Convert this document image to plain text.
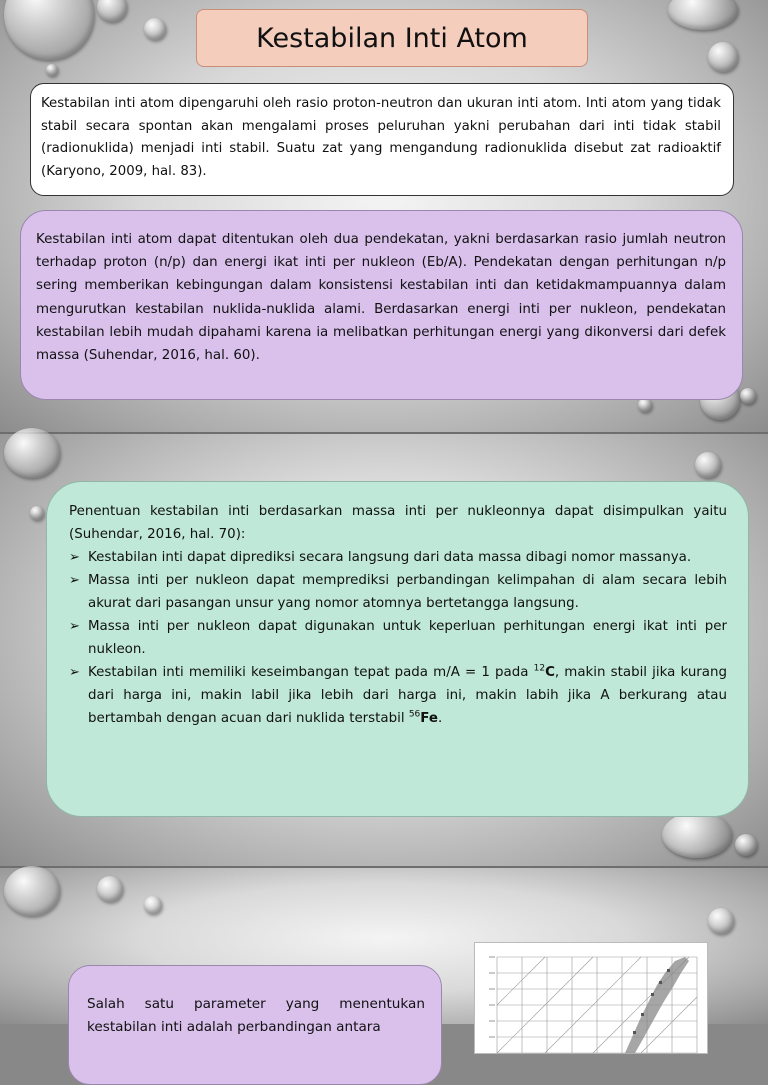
Kestabilan Inti Atom

Kestabilan inti atom dipengaruhi oleh rasio proton-neutron dan ukuran inti atom. Inti atom yang tidak stabil secara spontan akan mengalami proses peluruhan yakni perubahan dari inti tidak stabil (radionuklida) menjadi inti stabil. Suatu zat yang mengandung radionuklida disebut zat radioaktif (Karyono, 2009, hal. 83).

Kestabilan inti atom dapat ditentukan oleh dua pendekatan, yakni berdasarkan rasio jumlah neutron terhadap proton (n/p) dan energi ikat inti per nukleon (Eb/A). Pendekatan dengan perhitungan n/p sering memberikan kebingungan dalam konsistensi kestabilan inti dan ketidakmampuannya dalam mengurutkan kestabilan nuklida-nuklida alami. Berdasarkan energi inti per nukleon, pendekatan kestabilan lebih mudah dipahami karena ia melibatkan perhitungan energi yang dikonversi dari defek massa (Suhendar, 2016, hal. 60).

Penentuan kestabilan inti berdasarkan massa inti per nukleonnya dapat disimpulkan yaitu (Suhendar, 2016, hal. 70):

➢ Kestabilan inti dapat diprediksi secara langsung dari data massa dibagi nomor massanya.
➢ Massa inti per nukleon dapat memprediksi perbandingan kelimpahan di alam secara lebih akurat dari pasangan unsur yang nomor atomnya bertetangga langsung.
➢ Massa inti per nukleon dapat digunakan untuk keperluan perhitungan energi ikat inti per nukleon.
➢ Kestabilan inti memiliki keseimbangan tepat pada m/A = 1 pada $^{12}$C, makin stabil jika kurang dari harga ini, makin labil jika lebih dari harga ini, makin labih jika A berkurang atau bertambah dengan acuan dari nuklida terstabil $^{56}$Fe.

Salah satu parameter yang menentukan kestabilan inti adalah perbandingan antara
